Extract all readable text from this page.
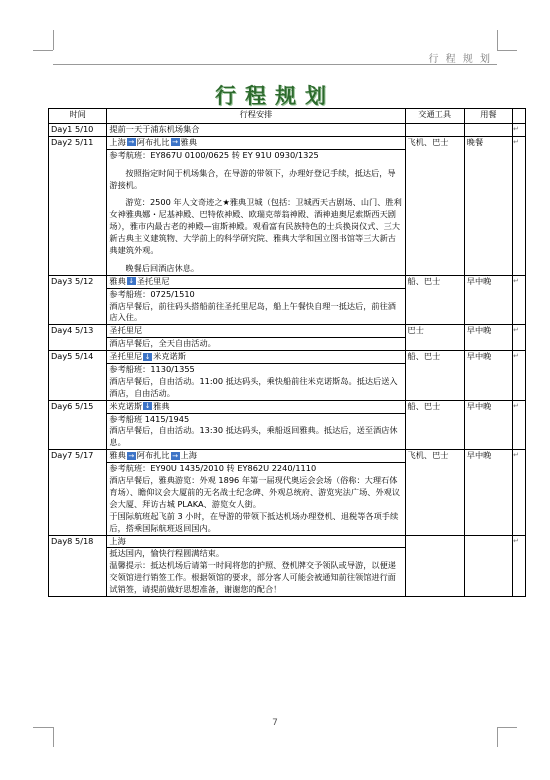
行 程 规 划
行程规划
时间	行程安排	交通工具	用餐	
Day1 5/10	提前一天于浦东机场集合			↵
Day2 5/11	上海 → 阿布扎比 → 雅典

参考航班：EY867U 0100/0625 转 EY 91U 0930/1325

按照指定时间于机场集合，在导游的带领下，办理好登记手续，抵达后，导游接机。

游览：2500 年人文奇迹之★雅典卫城（包括：卫城西天古剧场、山门、胜利女神雅典娜・尼基神殿、巴特侬神殿、欧瑞克蒂翁神殿、酒神迪奥尼索斯西天剧场），雅市内最古老的神殿—宙斯神殿。观看富有民族特色的士兵换岗仪式、三大新古典主义建筑物、大学前上的科学研究院、雅典大学和国立图书馆等三大新古典建筑外观。

晚餐后回酒店休息。	飞机、巴士	晚餐	↵
Day3 5/12	雅典 ↓ 圣托里尼

参考船班：0725/1510

酒店早餐后，前往码头搭船前往圣托里尼岛，船上午餐快自理一抵达后，前往酒店入住。	船、巴士	早中晚	↵
Day4 5/13	圣托里尼

酒店早餐后，全天自由活动。	巴士	早中晚	↵
Day5 5/14	圣托里尼 ↓ 米克诺斯

参考船班：1130/1355

酒店早餐后，自由活动。11:00 抵达码头，乘快船前往米克诺斯岛。抵达后送入酒店，自由活动。	船、巴士	早中晚	↵
Day6 5/15	米克诺斯 ↓ 雅典

参考船班 1415/1945

酒店早餐后，自由活动。13:30 抵达码头，乘船返回雅典。抵达后，送至酒店休息。	船、巴士	早中晚	↵
Day7 5/17	雅典 → 阿布扎比 → 上海

参考航班：EY90U 1435/2010 转 EY862U 2240/1110

酒店早餐后，雅典游览：外观 1896 年第一届现代奥运会会场（俗称：大理石体育场）、瞻仰议会大厦前的无名战士纪念碑、外观总统府、游览宪法广场、外观议会大厦、拜访古城 PLAKA、游览女人街。

于国际航班起飞前 3 小时，在导游的带领下抵达机场办理登机、退税等各项手续后，搭乘国际航班返回国内。	飞机、巴士	早中晚	↵
Day8 5/18	上海

抵达国内，愉快行程圆满结束。

温馨提示：抵达机场后请第一时间将您的护照、登机牌交予领队或导游，以便递交领馆进行销签工作。根据领馆的要求，部分客人可能会被通知前往领馆进行面试销签，请提前做好思想准备，谢谢您的配合！			↵
7
